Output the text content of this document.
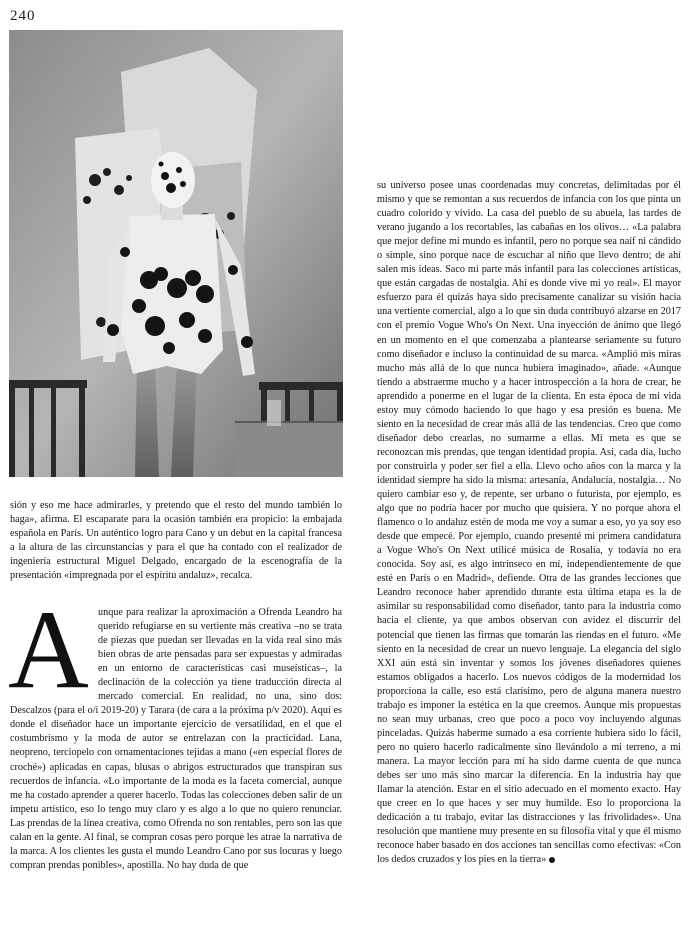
240

sión y eso me hace admirarles, y pretendo que el resto del mundo también lo haga», afirma. El escaparate para la ocasión también era propicio: la embajada española en París. Un auténtico logro para Cano y un debut en la capital francesa a la altura de las circunstancias y para el que ha contado con el realizador de ingeniería estructural Miguel Delgado, encargado de la escenografía de la presentación «impregnada por el espíritu andaluz», recalca.

A unque para realizar la aproximación a Ofrenda Leandro ha querido refugiarse en su vertiente más creativa –no se trata de piezas que puedan ser llevadas en la vida real sino más bien obras de arte pensadas para ser expuestas y admiradas en un entorno de características casi museísticas–, la declinación de la colección ya tiene traducción directa al mercado comercial. En realidad, no una, sino dos: Descalzos (para el o/i 2019-20) y Tarara (de cara a la próxima p/v 2020). Aquí es donde el diseñador hace un importante ejercicio de versatilidad, en el que el costumbrismo y la moda de autor se entrelazan con la practicidad. Lana, neopreno, terciopelo con ornamentaciones tejidas a mano («en especial flores de croché») aplicadas en capas, blusas o abrigos estructurados que transpiran sus recuerdos de infancia. «Lo importante de la moda es la faceta comercial, aunque me ha costado aprender a querer hacerlo. Todas las colecciones deben salir de un ímpetu artístico, eso lo tengo muy claro y es algo a lo que no quiero renunciar. Las prendas de la línea creativa, como Ofrenda no son rentables, pero son las que calan en la gente. Al final, se compran cosas pero porque les atrae la narrativa de la marca. A los clientes les gusta el mundo Leandro Cano por sus locuras y luego compran prendas ponibles», apostilla. No hay duda de que

su universo posee unas coordenadas muy concretas, delimitadas por él mismo y que se remontan a sus recuerdos de infancia con los que pinta un cuadro colorido y vívido. La casa del pueblo de su abuela, las tardes de verano jugando a los recortables, las cabañas en los olivos… «La palabra que mejor define mi mundo es infantil, pero no porque sea naíf ni cándido o simple, sino porque nace de escuchar al niño que llevo dentro; de ahí salen mis ideas. Saco mi parte más infantil para las colecciones artísticas, que están cargadas de nostalgia. Ahí es donde vive mi yo real». El mayor esfuerzo para él quizás haya sido precisamente canalizar su visión hacia una vertiente comercial, algo a lo que sin duda contribuyó alzarse en 2017 con el premio Vogue Who's On Next. Una inyección de ánimo que llegó en un momento en el que comenzaba a plantearse seriamente su futuro como diseñador e incluso la continuidad de su marca. «Amplió mis miras mucho más allá de lo que nunca hubiera imaginado», añade. «Aunque tiendo a abstraerme mucho y a hacer introspección a la hora de crear, he aprendido a ponerme en el lugar de la clienta. En esta época de mi vida estoy muy cómodo haciendo lo que hago y esa presión es buena. Me siento en la necesidad de crear más allá de las tendencias. Creo que como diseñador debo crearlas, no sumarme a ellas. Mi meta es que se reconozcan mis prendas, que tengan identidad propia. Así, cada día, lucho por construirla y poder ser fiel a ella. Llevo ocho años con la marca y la identidad siempre ha sido la misma: artesanía, Andalucía, nostalgia… No quiero cambiar eso y, de repente, ser urbano o futurista, por ejemplo, es algo que no podría hacer por mucho que quisiera. Y no porque ahora el flamenco o lo andaluz estén de moda me voy a sumar a eso, yo ya soy eso desde que empecé. Por ejemplo, cuando presenté mi primera candidatura a Vogue Who's On Next utilicé música de Rosalía, y todavía no era conocida. Soy así, es algo intrínseco en mí, independientemente de que esté en París o en Madrid», defiende. Otra de las grandes lecciones que Leandro reconoce haber aprendido durante esta última etapa es la de asimilar su responsabilidad como diseñador, tanto para la industria como hacia el cliente, ya que ambos observan con avidez el discurrir del potencial que tienen las firmas que tomarán las riendas en el futuro. «Me siento en la necesidad de crear un nuevo lenguaje. La elegancia del siglo XXI aún está sin inventar y somos los jóvenes diseñadores quienes estamos obligados a hacerlo. Los nuevos códigos de la modernidad los proporciona la calle, eso está clarísimo, pero de alguna manera nuestro trabajo es imponer la estética en la que creemos. Aunque mis propuestas no sean muy urbanas, creo que poco a poco voy incluyendo algunas pinceladas. Quizás haberme sumado a esa corriente hubiera sido lo fácil, pero no quiero hacerlo radicalmente sino llevándolo a mi terreno, a mi manera. La mayor lección para mí ha sido darme cuenta de que nunca debes ser uno más sino marcar la diferencia. En la industria hay que llamar la atención. Estar en el sitio adecuado en el momento exacto. Hay que creer en lo que haces y ser muy humilde. Eso lo proporciona la dedicación a tu trabajo, evitar las distracciones y las frivolidades». Una resolución que mantiene muy presente en su filosofía vital y que él mismo reconoce haber basado en dos acciones tan sencillas como efectivas: «Con los dedos cruzados y los pies en la tierra»
